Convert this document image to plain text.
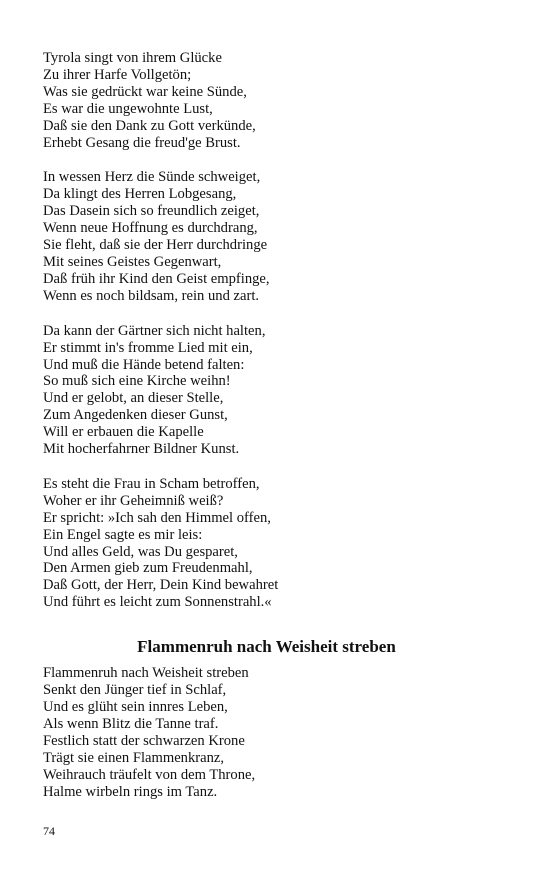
Tyrola singt von ihrem Glücke
Zu ihrer Harfe Vollgetön;
Was sie gedrückt war keine Sünde,
Es war die ungewohnte Lust,
Daß sie den Dank zu Gott verkünde,
Erhebt Gesang die freud'ge Brust.
In wessen Herz die Sünde schweiget,
Da klingt des Herren Lobgesang,
Das Dasein sich so freundlich zeiget,
Wenn neue Hoffnung es durchdrang,
Sie fleht, daß sie der Herr durchdringe
Mit seines Geistes Gegenwart,
Daß früh ihr Kind den Geist empfinge,
Wenn es noch bildsam, rein und zart.
Da kann der Gärtner sich nicht halten,
Er stimmt in's fromme Lied mit ein,
Und muß die Hände betend falten:
So muß sich eine Kirche weihn!
Und er gelobt, an dieser Stelle,
Zum Angedenken dieser Gunst,
Will er erbauen die Kapelle
Mit hocherfahrner Bildner Kunst.
Es steht die Frau in Scham betroffen,
Woher er ihr Geheimniß weiß?
Er spricht: »Ich sah den Himmel offen,
Ein Engel sagte es mir leis:
Und alles Geld, was Du gesparet,
Den Armen gieb zum Freudenmahl,
Daß Gott, der Herr, Dein Kind bewahret
Und führt es leicht zum Sonnenstrahl.«
Flammenruh nach Weisheit streben
Flammenruh nach Weisheit streben
Senkt den Jünger tief in Schlaf,
Und es glüht sein innres Leben,
Als wenn Blitz die Tanne traf.
Festlich statt der schwarzen Krone
Trägt sie einen Flammenkranz,
Weihrauch träufelt von dem Throne,
Halme wirbeln rings im Tanz.
74
